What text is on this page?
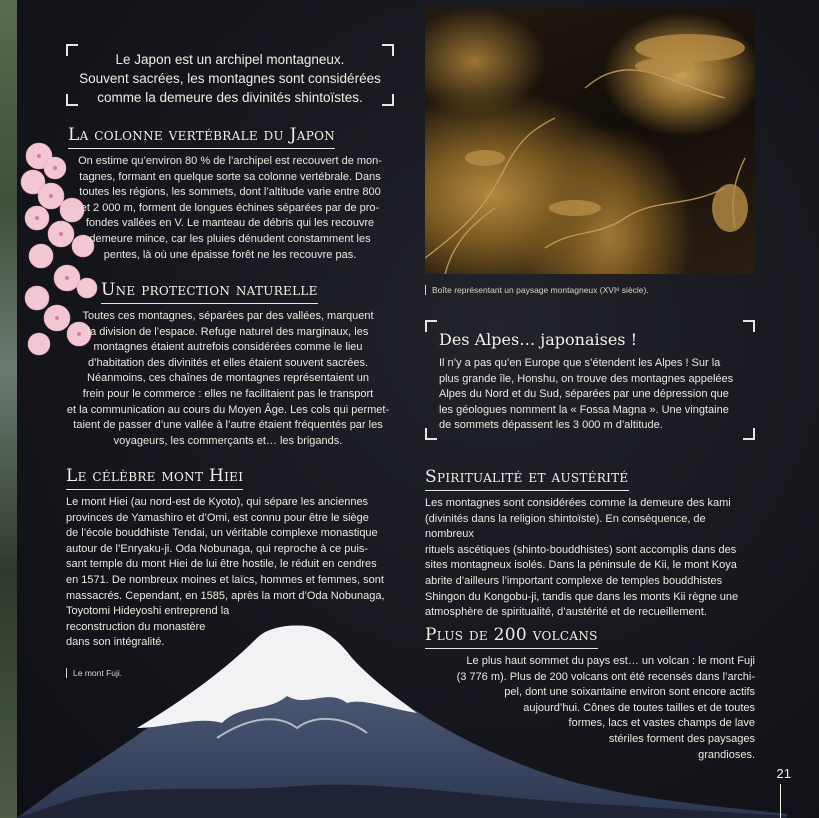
Le Japon est un archipel montagneux.
Souvent sacrées, les montagnes sont considérées
comme la demeure des divinités shintoïstes.
La colonne vertébrale du Japon
On estime qu’environ 80 % de l’archipel est recouvert de mon-
tagnes, formant en quelque sorte sa colonne vertébrale. Dans
toutes les régions, les sommets, dont l’altitude varie entre 800
et 2 000 m, forment de longues échines séparées par de pro-
fondes vallées en V. Le manteau de débris qui les recouvre
demeure mince, car les pluies dénudent constamment les
pentes, là où une épaisse forêt ne les recouvre pas.
Une protection naturelle
Toutes ces montagnes, séparées par des vallées, marquent
la division de l’espace. Refuge naturel des marginaux, les
montagnes étaient autrefois considérées comme le lieu
d’habitation des divinités et elles étaient souvent sacrées.
Néanmoins, ces chaînes de montagnes représentaient un
frein pour le commerce : elles ne facilitaient pas le transport
et la communication au cours du Moyen Âge. Les cols qui permet-
taient de passer d’une vallée à l’autre étaient fréquentés par les
voyageurs, les commerçants et… les brigands.
Le célèbre mont Hiei
Le mont Hiei (au nord-est de Kyoto), qui sépare les anciennes
provinces de Yamashiro et d’Omi, est connu pour être le siège
de l’école bouddhiste Tendai, un véritable complexe monastique
autour de l’Enryaku-ji. Oda Nobunaga, qui reproche à ce puis-
sant temple du mont Hiei de lui être hostile, le réduit en cendres
en 1571. De nombreux moines et laïcs, hommes et femmes, sont
massacrés. Cependant, en 1585, après la mort d’Oda Nobunaga,
Toyotomi Hideyoshi entreprend la
reconstruction du monastère
dans son intégralité.
Le mont Fuji.
Boîte représentant un paysage montagneux (XVIᵉ siècle).
Des Alpes… japonaises !
Il n’y a pas qu’en Europe que s’étendent les Alpes ! Sur la
plus grande île, Honshu, on trouve des montagnes appelées
Alpes du Nord et du Sud, séparées par une dépression que
les géologues nomment la « Fossa Magna ». Une vingtaine
de sommets dépassent les 3 000 m d’altitude.
Spiritualité et austérité
Les montagnes sont considérées comme la demeure des kami
(divinités dans la religion shintoïste). En conséquence, de nombreux
rituels ascétiques (shinto-bouddhistes) sont accomplis dans des
sites montagneux isolés. Dans la péninsule de Kii, le mont Koya
abrite d’ailleurs l’important complexe de temples bouddhistes
Shingon du Kongobu-ji, tandis que dans les monts Kii règne une
atmosphère de spiritualité, d’austérité et de recueillement.
Plus de 200 volcans
Le plus haut sommet du pays est… un volcan : le mont Fuji
(3 776 m). Plus de 200 volcans ont été recensés dans l’archi-
pel, dont une soixantaine environ sont encore actifs
aujourd’hui. Cônes de toutes tailles et de toutes
formes, lacs et vastes champs de lave
stériles forment des paysages
grandioses.
21
